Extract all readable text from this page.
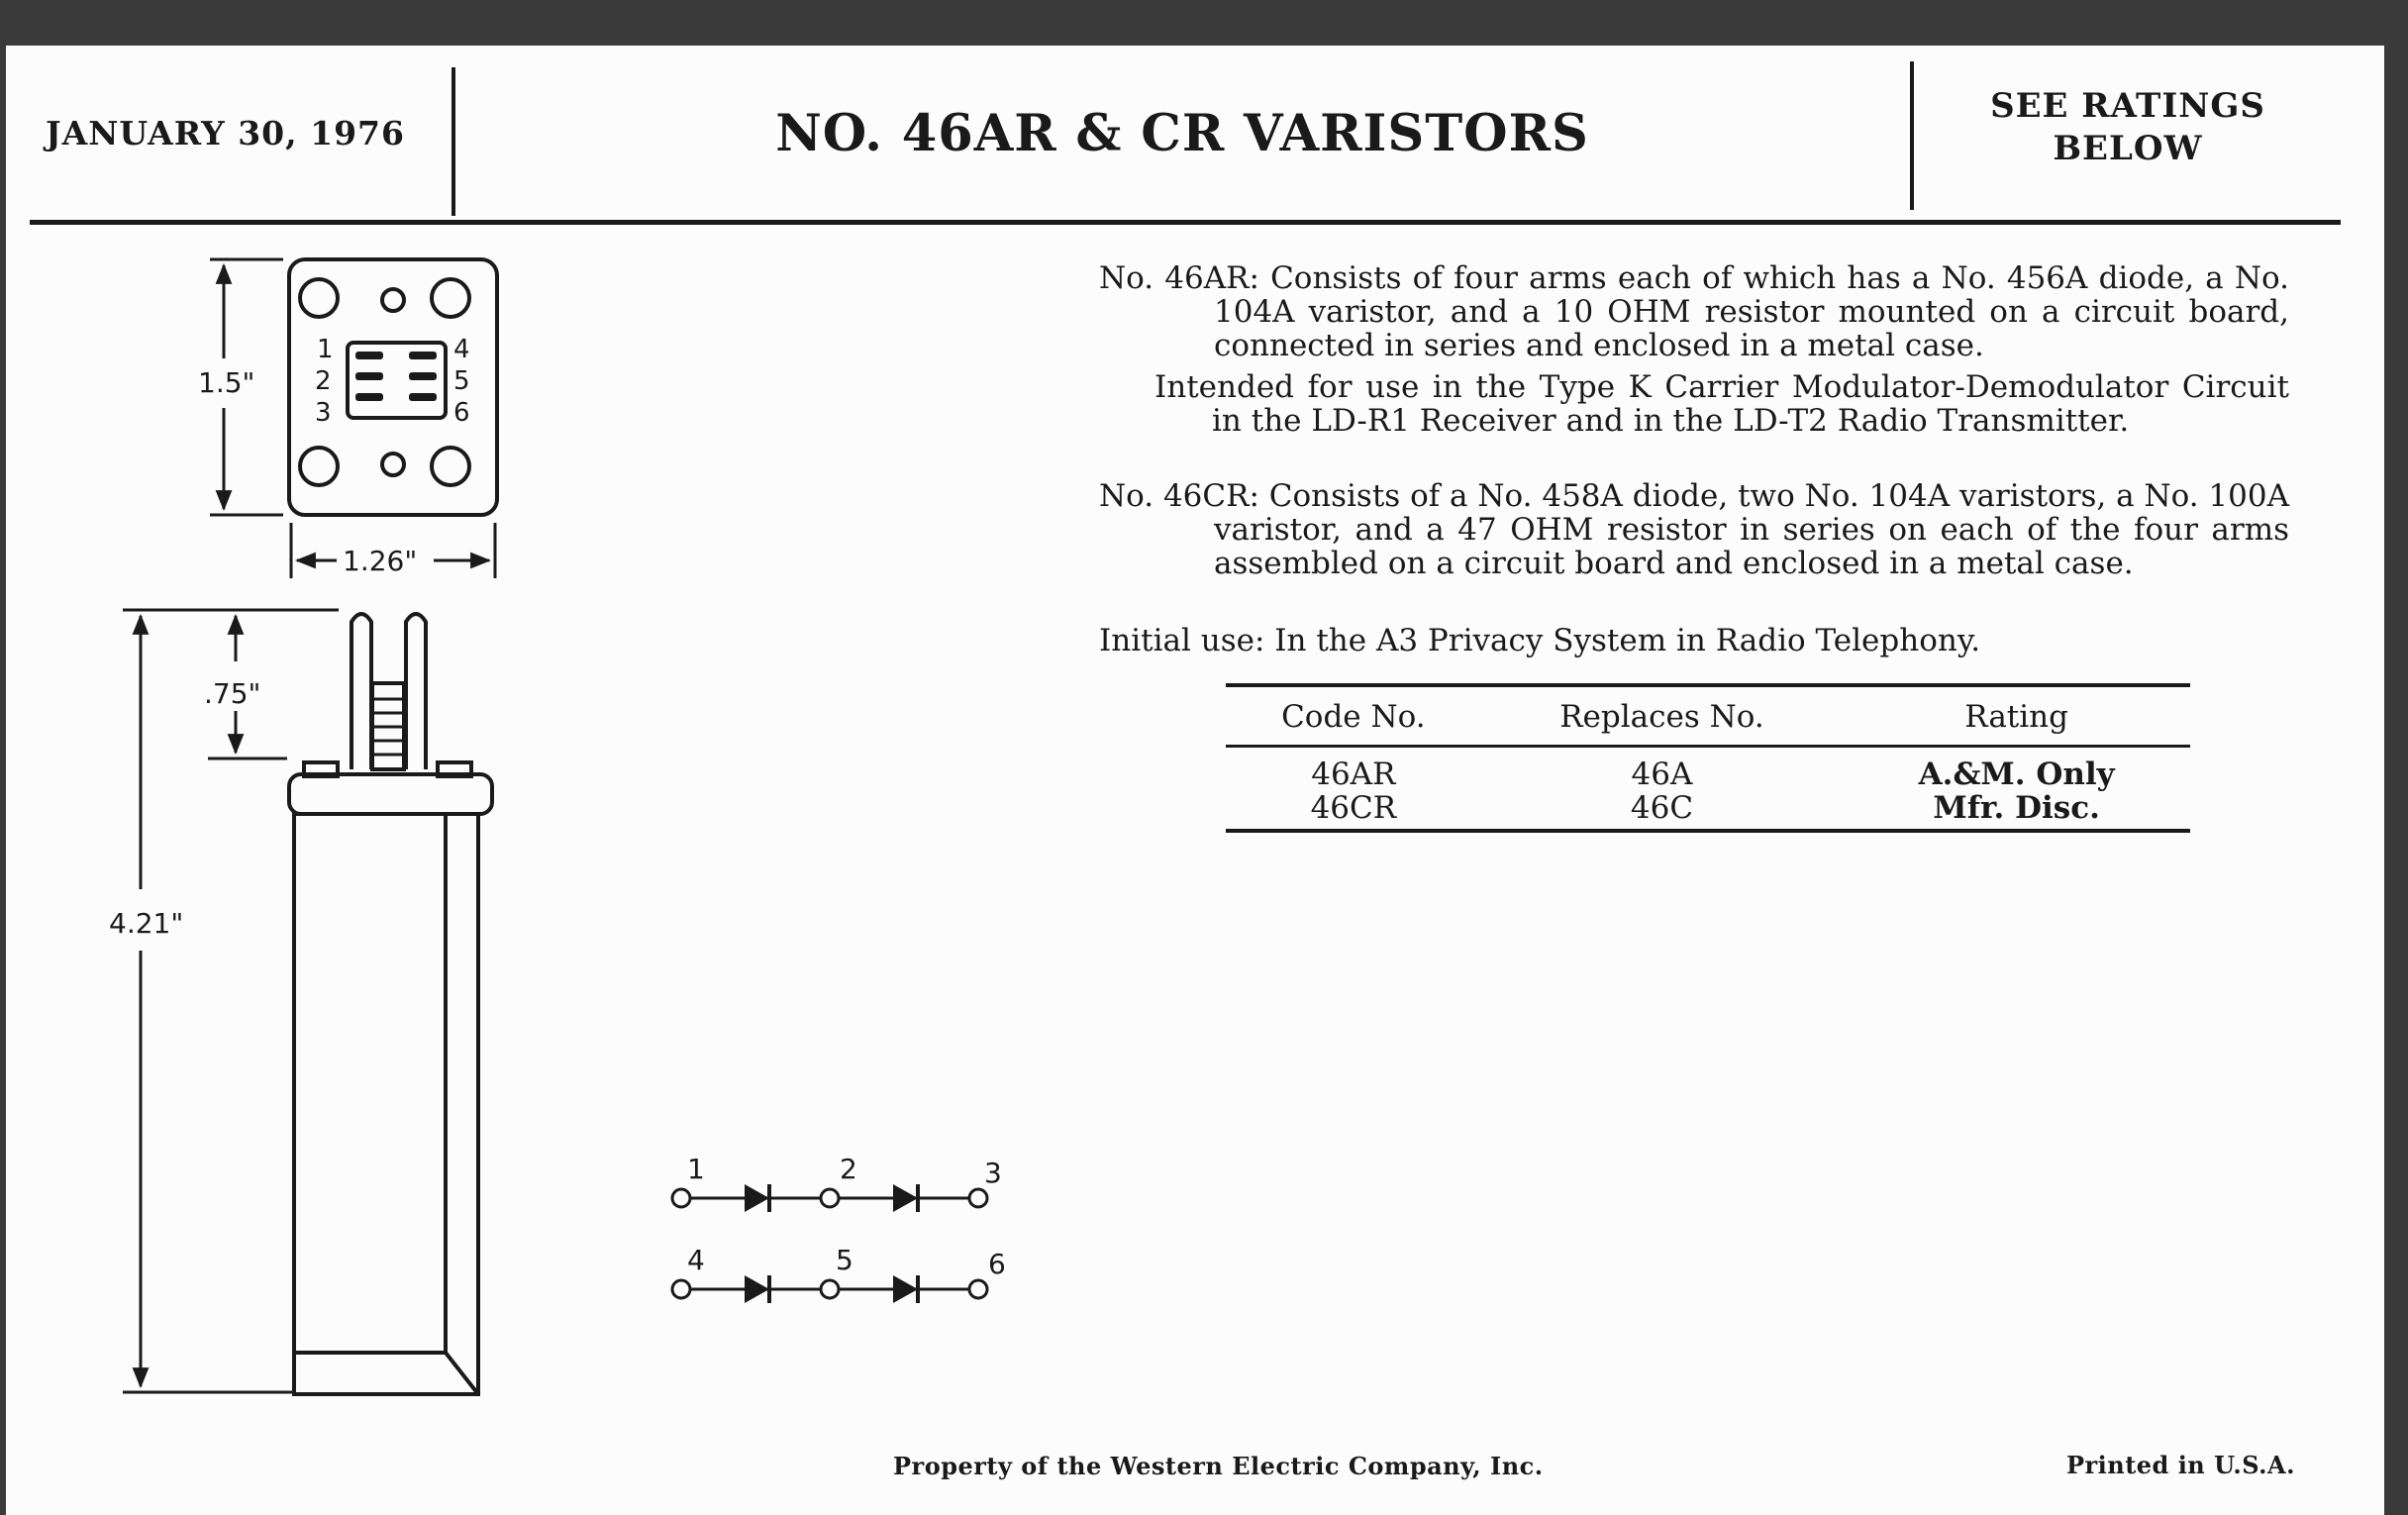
JANUARY 30, 1976	NO. 46AR & CR VARISTORS	SEE RATINGS
BELOW

No. 46AR: Consists of four arms each of which has a No. 456A diode, a No. 104A varistor, and a 10 OHM resistor mounted on a circuit board, connected in series and enclosed in a metal case.

Intended for use in the Type K Carrier Modulator-Demodulator Circuit in the LD-R1 Receiver and in the LD-T2 Radio Transmitter.

No. 46CR: Consists of a No. 458A diode, two No. 104A varistors, a No. 100A varistor, and a 47 OHM resistor in series on each of the four arms assembled on a circuit board and enclosed in a metal case.

Initial use: In the A3 Privacy System in Radio Telephony.

Code No.	Replaces No.	Rating
46AR	46A	A.&M. Only
46CR	46C	Mfr. Disc.
1
2
3
4
5
6
1.5"
1.26"
.75"
4.21"
1	2	3
4	5	6
Property of the Western Electric Company, Inc.	Printed in U.S.A.
